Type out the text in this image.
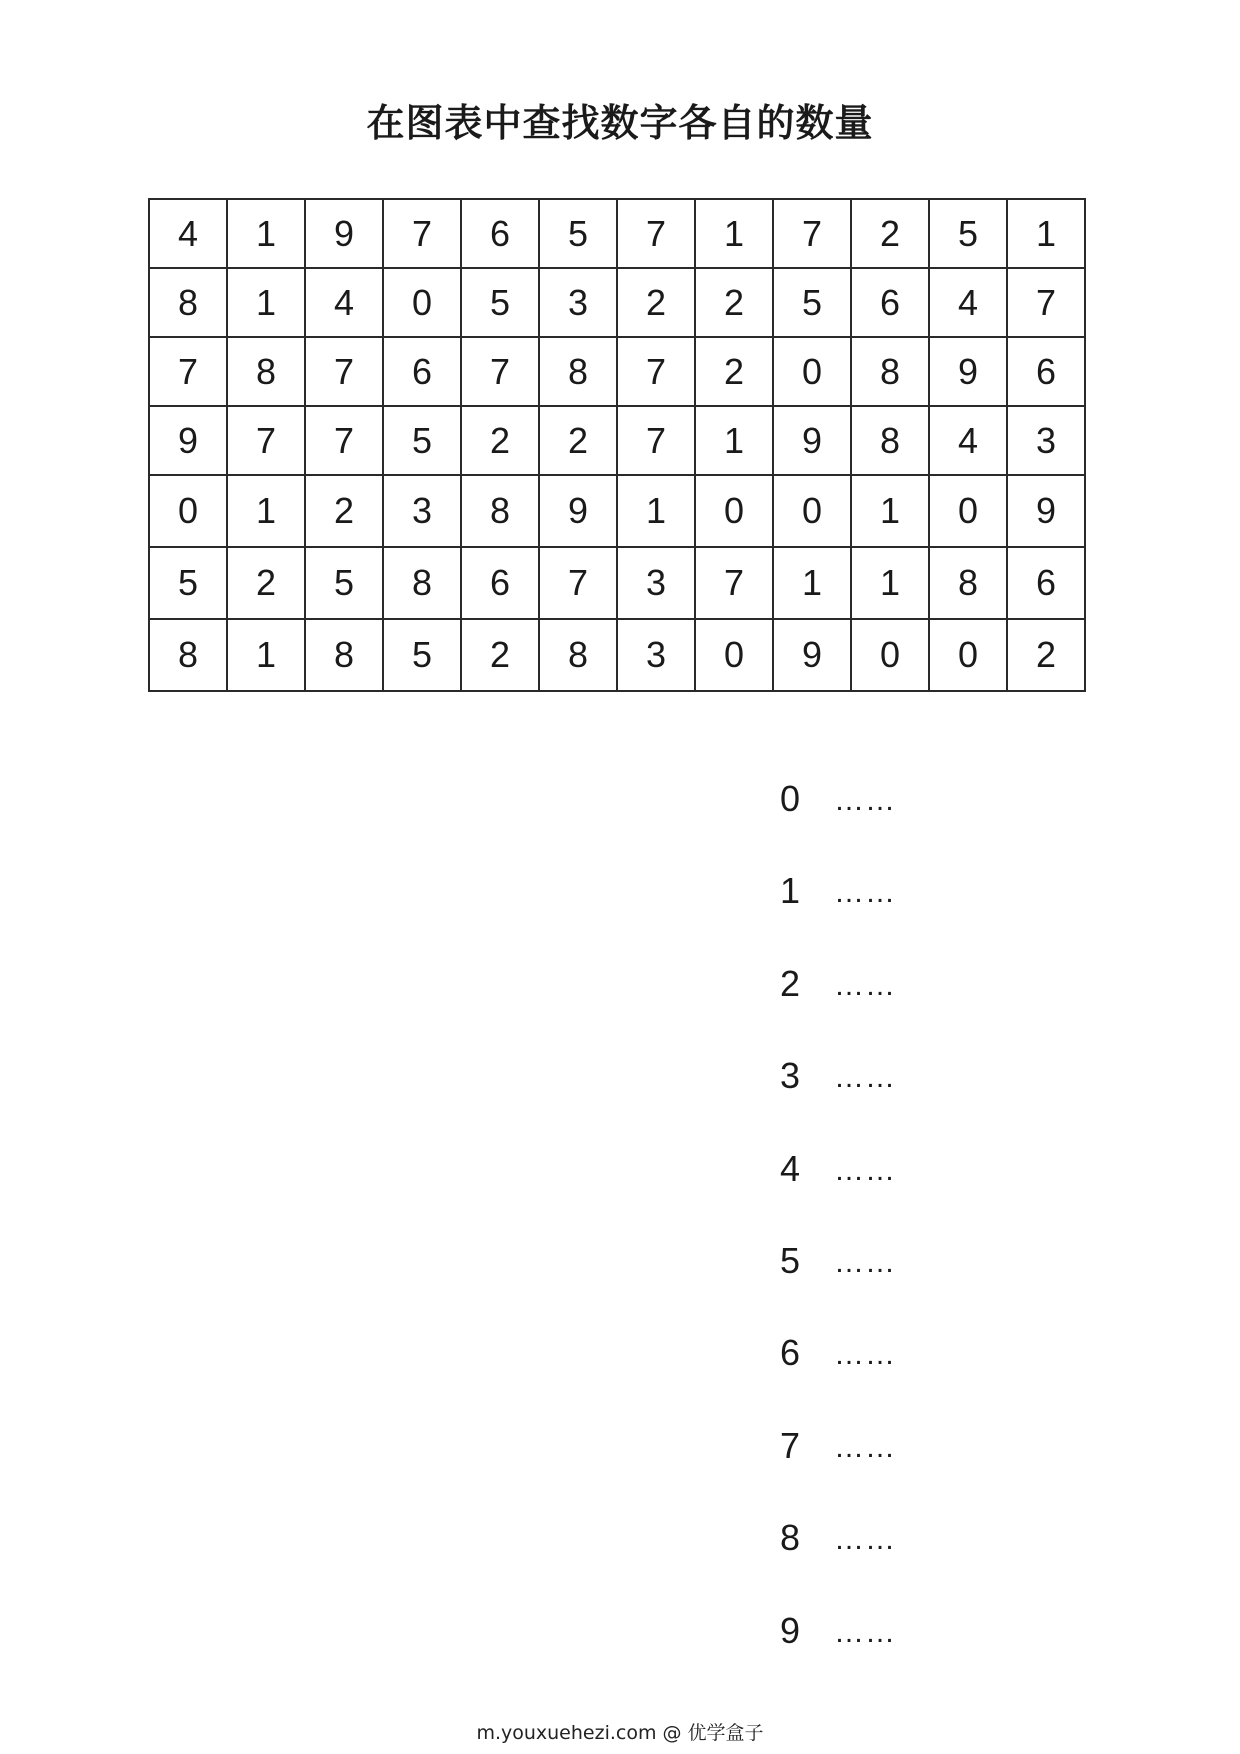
在图表中查找数字各自的数量
4	1	9	7	6	5	7	1	7	2	5	1
8	1	4	0	5	3	2	2	5	6	4	7
7	8	7	6	7	8	7	2	0	8	9	6
9	7	7	5	2	2	7	1	9	8	4	3
0	1	2	3	8	9	1	0	0	1	0	9
5	2	5	8	6	7	3	7	1	1	8	6
8	1	8	5	2	8	3	0	9	0	0	2
0	……
1	……
2	……
3	……
4	……
5	……
6	……
7	……
8	……
9	……
m.youxuehezi.com @ 优学盒子
